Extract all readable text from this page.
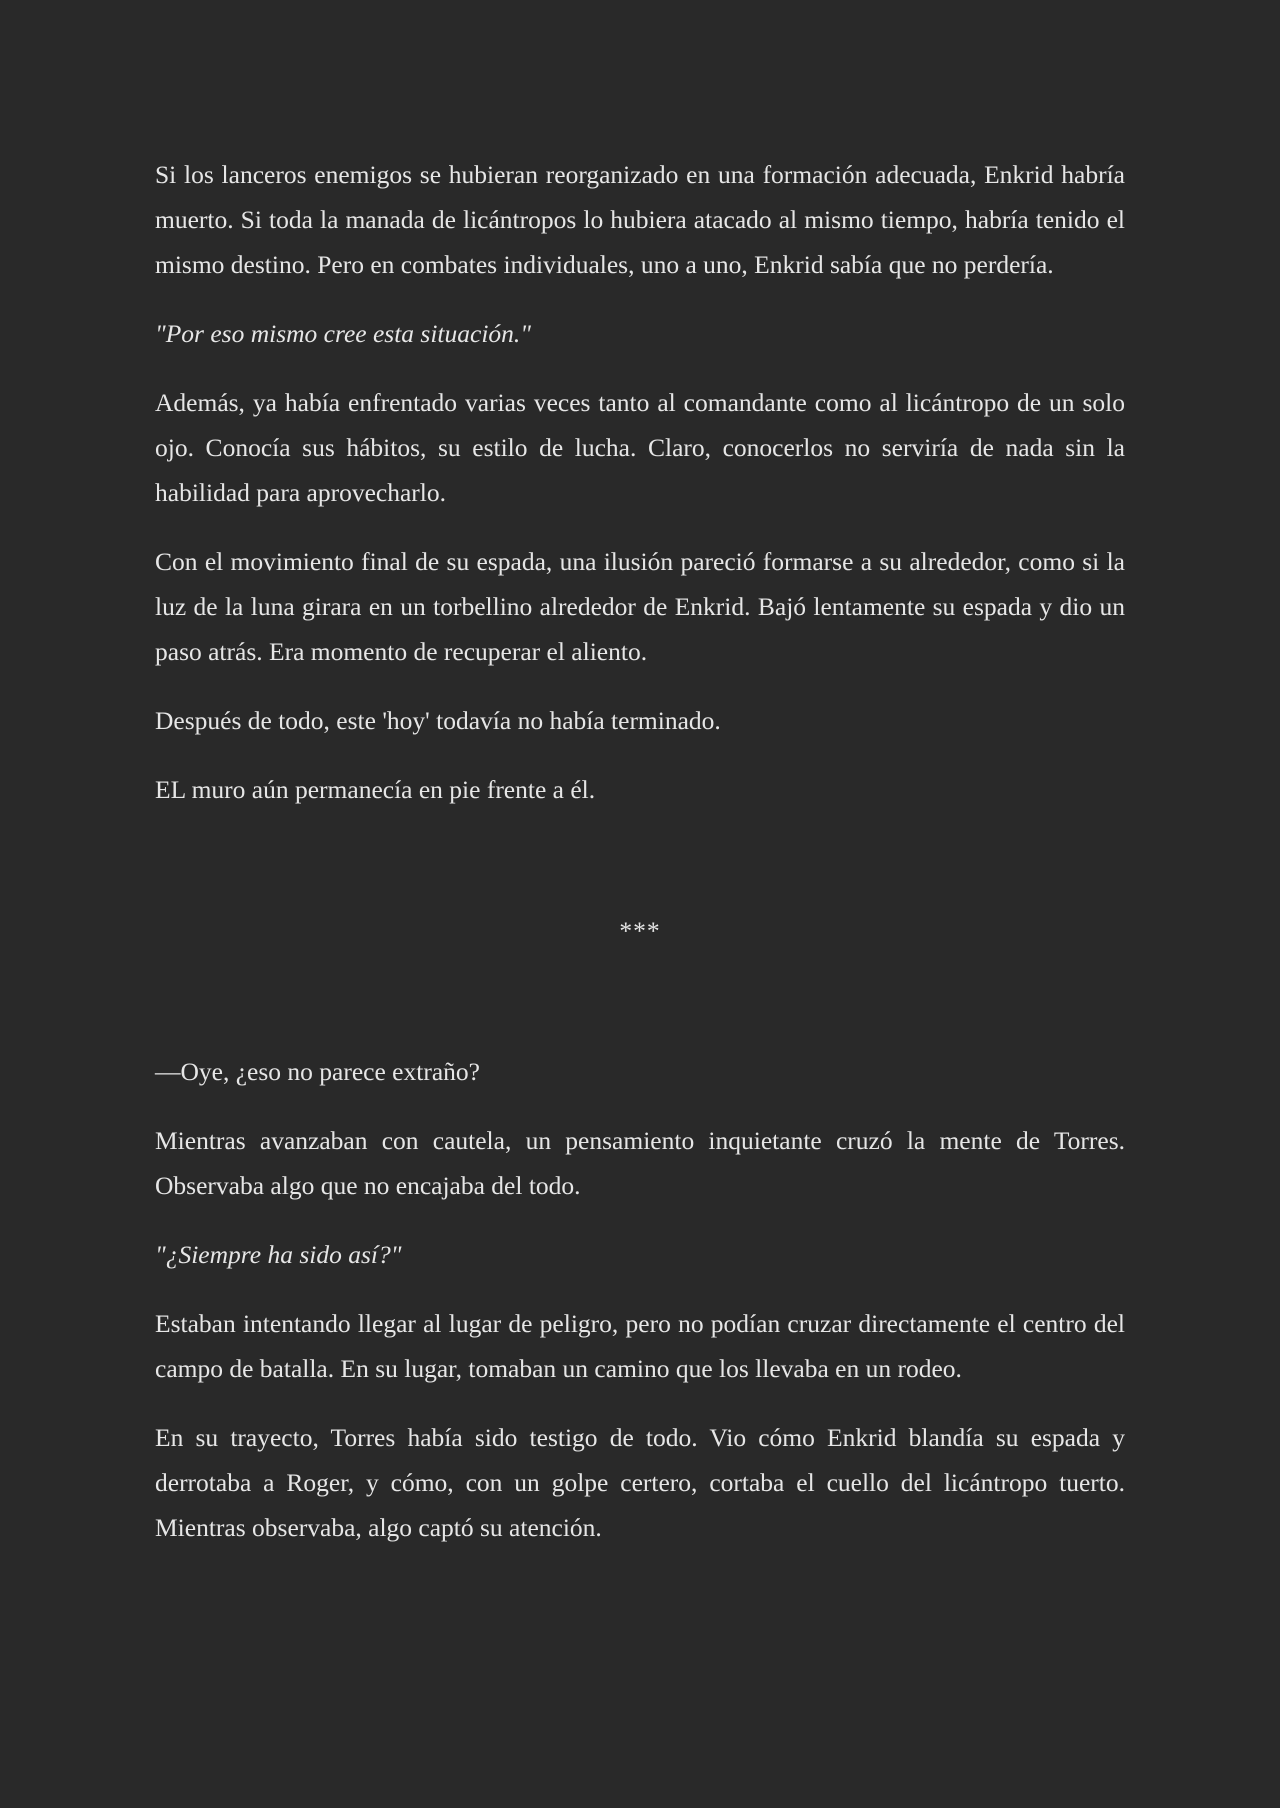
Si los lanceros enemigos se hubieran reorganizado en una formación adecuada, Enkrid habría muerto. Si toda la manada de licántropos lo hubiera atacado al mismo tiempo, habría tenido el mismo destino. Pero en combates individuales, uno a uno, Enkrid sabía que no perdería.

"Por eso mismo cree esta situación."

Además, ya había enfrentado varias veces tanto al comandante como al licántropo de un solo ojo. Conocía sus hábitos, su estilo de lucha. Claro, conocerlos no serviría de nada sin la habilidad para aprovecharlo.

Con el movimiento final de su espada, una ilusión pareció formarse a su alrededor, como si la luz de la luna girara en un torbellino alrededor de Enkrid. Bajó lentamente su espada y dio un paso atrás. Era momento de recuperar el aliento.

Después de todo, este 'hoy' todavía no había terminado.

EL muro aún permanecía en pie frente a él.

***

—Oye, ¿eso no parece extraño?

Mientras avanzaban con cautela, un pensamiento inquietante cruzó la mente de Torres. Observaba algo que no encajaba del todo.

"¿Siempre ha sido así?"

Estaban intentando llegar al lugar de peligro, pero no podían cruzar directamente el centro del campo de batalla. En su lugar, tomaban un camino que los llevaba en un rodeo.

En su trayecto, Torres había sido testigo de todo. Vio cómo Enkrid blandía su espada y derrotaba a Roger, y cómo, con un golpe certero, cortaba el cuello del licántropo tuerto. Mientras observaba, algo captó su atención.
